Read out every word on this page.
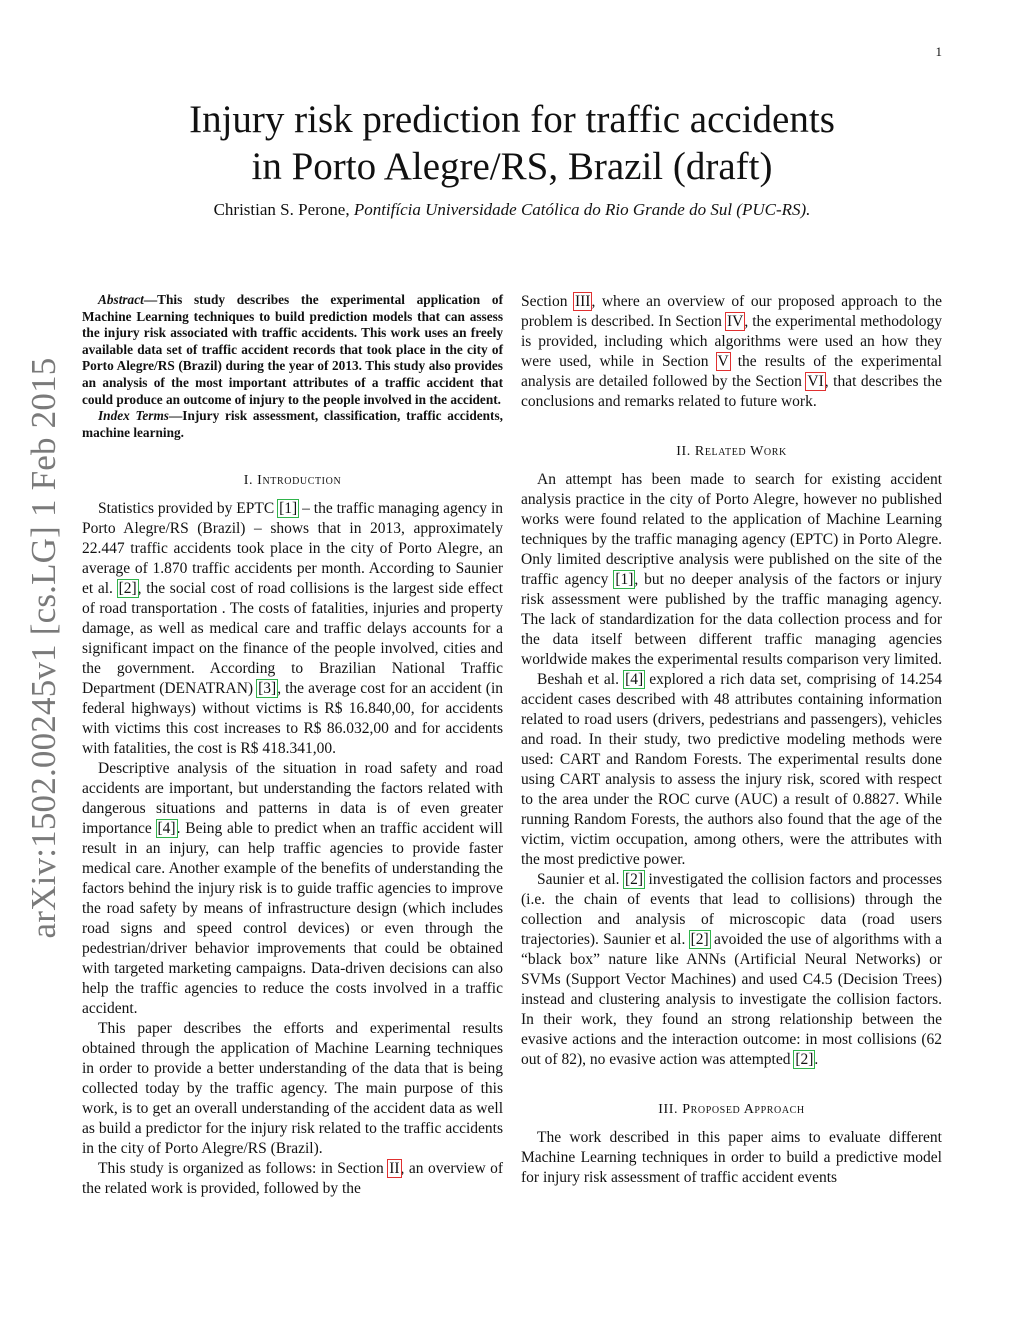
1
arXiv:1502.00245v1 [cs.LG] 1 Feb 2015
Injury risk prediction for traffic accidents
in Porto Alegre/RS, Brazil (draft)
Christian S. Perone, Pontifícia Universidade Católica do Rio Grande do Sul (PUC-RS).

Abstract—This study describes the experimental application of Machine Learning techniques to build prediction models that can assess the injury risk associated with traffic accidents. This work uses an freely available data set of traffic accident records that took place in the city of Porto Alegre/RS (Brazil) during the year of 2013. This study also provides an analysis of the most important attributes of a traffic accident that could produce an outcome of injury to the people involved in the accident.

Index Terms—Injury risk assessment, classification, traffic accidents, machine learning.

I. Introduction

Statistics provided by EPTC [1] – the traffic managing agency in Porto Alegre/RS (Brazil) – shows that in 2013, approximately 22.447 traffic accidents took place in the city of Porto Alegre, an average of 1.870 traffic accidents per month. According to Saunier et al. [2], the social cost of road collisions is the largest side effect of road transportation . The costs of fatalities, injuries and property damage, as well as medical care and traffic delays accounts for a significant impact on the finance of the people involved, cities and the government. According to Brazilian National Traffic Department (DENATRAN) [3], the average cost for an accident (in federal highways) without victims is R$ 16.840,00, for accidents with victims this cost increases to R$ 86.032,00 and for accidents with fatalities, the cost is R$ 418.341,00.

Descriptive analysis of the situation in road safety and road accidents are important, but understanding the factors related with dangerous situations and patterns in data is of even greater importance [4]. Being able to predict when an traffic accident will result in an injury, can help traffic agencies to provide faster medical care. Another example of the benefits of understanding the factors behind the injury risk is to guide traffic agencies to improve the road safety by means of infrastructure design (which includes road signs and speed control devices) or even through the pedestrian/driver behavior improvements that could be obtained with targeted marketing campaigns. Data-driven decisions can also help the traffic agencies to reduce the costs involved in a traffic accident.

This paper describes the efforts and experimental results obtained through the application of Machine Learning techniques in order to provide a better understanding of the data that is being collected today by the traffic agency. The main purpose of this work, is to get an overall understanding of the accident data as well as build a predictor for the injury risk related to the traffic accidents in the city of Porto Alegre/RS (Brazil).

This study is organized as follows: in Section II, an overview of the related work is provided, followed by the

Section III, where an overview of our proposed approach to the problem is described. In Section IV, the experimental methodology is provided, including which algorithms were used an how they were used, while in Section V the results of the experimental analysis are detailed followed by the Section VI, that describes the conclusions and remarks related to future work.

II. Related Work

An attempt has been made to search for existing accident analysis practice in the city of Porto Alegre, however no published works were found related to the application of Machine Learning techniques by the traffic managing agency (EPTC) in Porto Alegre. Only limited descriptive analysis were published on the site of the traffic agency [1], but no deeper analysis of the factors or injury risk assessment were published by the traffic managing agency. The lack of standardization for the data collection process and for the data itself between different traffic managing agencies worldwide makes the experimental results comparison very limited.

Beshah et al. [4] explored a rich data set, comprising of 14.254 accident cases described with 48 attributes containing information related to road users (drivers, pedestrians and passengers), vehicles and road. In their study, two predictive modeling methods were used: CART and Random Forests. The experimental results done using CART analysis to assess the injury risk, scored with respect to the area under the ROC curve (AUC) a result of 0.8827. While running Random Forests, the authors also found that the age of the victim, victim occupation, among others, were the attributes with the most predictive power.

Saunier et al. [2] investigated the collision factors and processes (i.e. the chain of events that lead to collisions) through the collection and analysis of microscopic data (road users trajectories). Saunier et al. [2] avoided the use of algorithms with a “black box” nature like ANNs (Artificial Neural Networks) or SVMs (Support Vector Machines) and used C4.5 (Decision Trees) instead and clustering analysis to investigate the collision factors. In their work, they found an strong relationship between the evasive actions and the interaction outcome: in most collisions (62 out of 82), no evasive action was attempted [2].

III. Proposed Approach

The work described in this paper aims to evaluate different Machine Learning techniques in order to build a predictive model for injury risk assessment of traffic accident events
